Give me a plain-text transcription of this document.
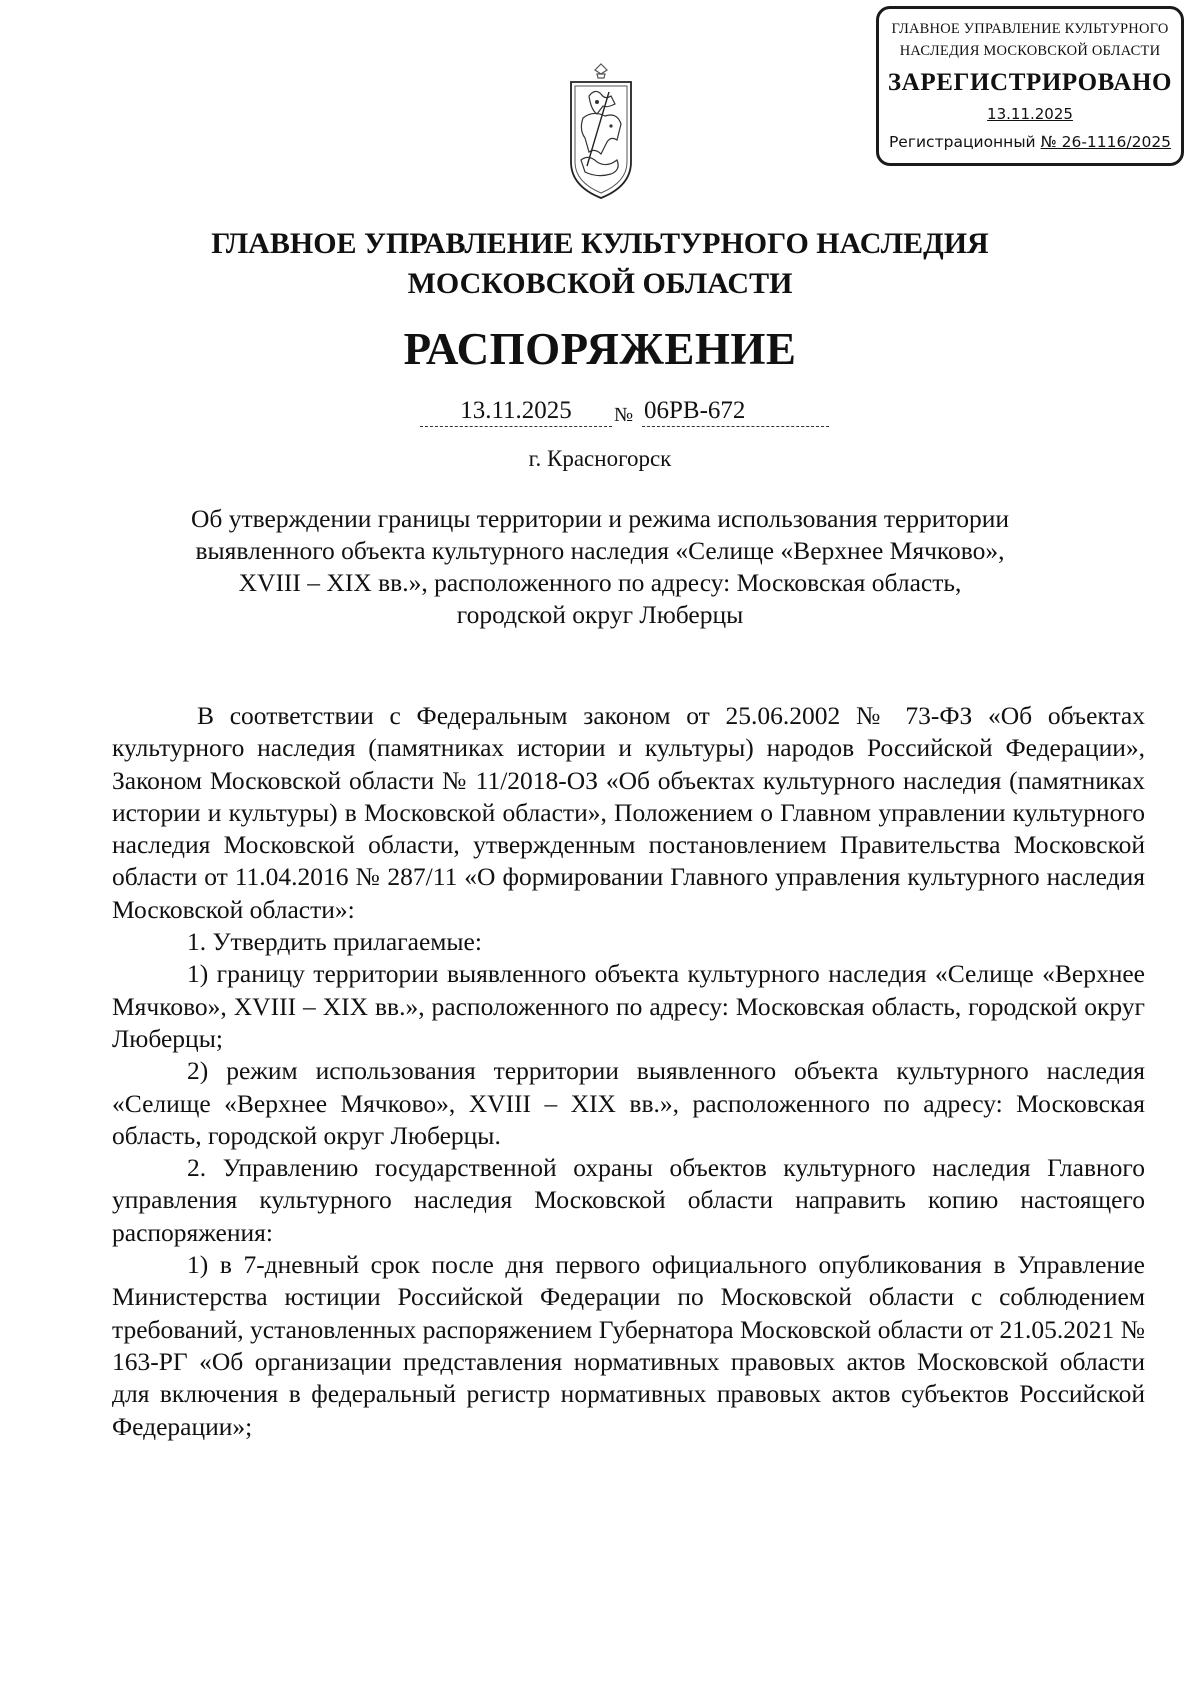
ГЛАВНОЕ УПРАВЛЕНИЕ КУЛЬТУРНОГО
НАСЛЕДИЯ МОСКОВСКОЙ ОБЛАСТИ
ЗАРЕГИСТРИРОВАНО
13.11.2025
Регистрационный № 26-1116/2025
ГЛАВНОЕ УПРАВЛЕНИЕ КУЛЬТУРНОГО НАСЛЕДИЯ
МОСКОВСКОЙ ОБЛАСТИ
РАСПОРЯЖЕНИЕ
13.11.2025	№ 06РВ-672
г. Красногорск
Об утверждении границы территории и режима использования территории
выявленного объекта культурного наследия «Селище «Верхнее Мячково»,
XVIII – XIX вв.», расположенного по адресу: Московская область,
городской округ Люберцы

В соответствии с Федеральным законом от 25.06.2002 № 73-ФЗ «Об объектах культурного наследия (памятниках истории и культуры) народов Российской Федерации», Законом Московской области № 11/2018-ОЗ «Об объектах культурного наследия (памятниках истории и культуры) в Московской области», Положением о Главном управлении культурного наследия Московской области, утвержденным постановлением Правительства Московской области от 11.04.2016 № 287/11 «О формировании Главного управления культурного наследия Московской области»:

1. Утвердить прилагаемые:

1) границу территории выявленного объекта культурного наследия «Селище «Верхнее Мячково», XVIII – XIX вв.», расположенного по адресу: Московская область, городской округ Люберцы;

2) режим использования территории выявленного объекта культурного наследия «Селище «Верхнее Мячково», XVIII – XIX вв.», расположенного по адресу: Московская область, городской округ Люберцы.

2. Управлению государственной охраны объектов культурного наследия Главного управления культурного наследия Московской области направить копию настоящего распоряжения:

1) в 7-дневный срок после дня первого официального опубликования в Управление Министерства юстиции Российской Федерации по Московской области с соблюдением требований, установленных распоряжением Губернатора Московской области от 21.05.2021 № 163-РГ «Об организации представления нормативных правовых актов Московской области для включения в федеральный регистр нормативных правовых актов субъектов Российской Федерации»;
